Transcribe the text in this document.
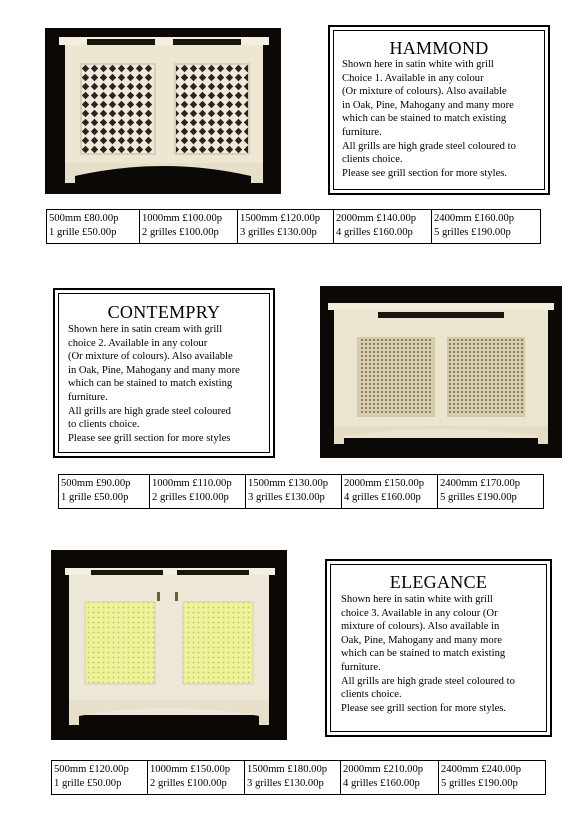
HAMMOND
Shown here in satin white with grill
Choice 1. Available in any colour
(Or mixture of colours). Also available
in Oak, Pine, Mahogany and many more
which can be stained to match existing
furniture.
All grills are high grade steel coloured to
clients choice.
Please see grill section for more styles.
500mm £80.00p
1 grille £50.00p

1000mm £100.00p
2 grilles £100.00p

1500mm £120.00p
3 grilles £130.00p

2000mm £140.00p
4 grilles £160.00p

2400mm £160.00p
5 grilles £190.00p
CONTEMPRY
Shown here in satin cream with grill
choice 2. Available in any colour
(Or mixture of colours). Also available
in Oak, Pine, Mahogany and many more
which can be stained to match existing
furniture.
All grills are high grade steel coloured
to clients choice.
Please see grill section for more styles
500mm £90.00p
1 grille £50.00p

1000mm £110.00p
2 grilles £100.00p

1500mm £130.00p
3 grilles £130.00p

2000mm £150.00p
4 grilles £160.00p

2400mm £170.00p
5 grilles £190.00p
ELEGANCE
Shown here in satin white with grill
choice 3. Available in any colour (Or
mixture of colours). Also available in
Oak, Pine, Mahogany and many more
which can be stained to match existing
furniture.
All grills are high grade steel coloured to
clients choice.
Please see grill section for more styles.
500mm £120.00p
1 grille £50.00p

1000mm £150.00p
2 grilles £100.00p

1500mm £180.00p
3 grilles £130.00p

2000mm £210.00p
4 grilles £160.00p

2400mm £240.00p
5 grilles £190.00p
